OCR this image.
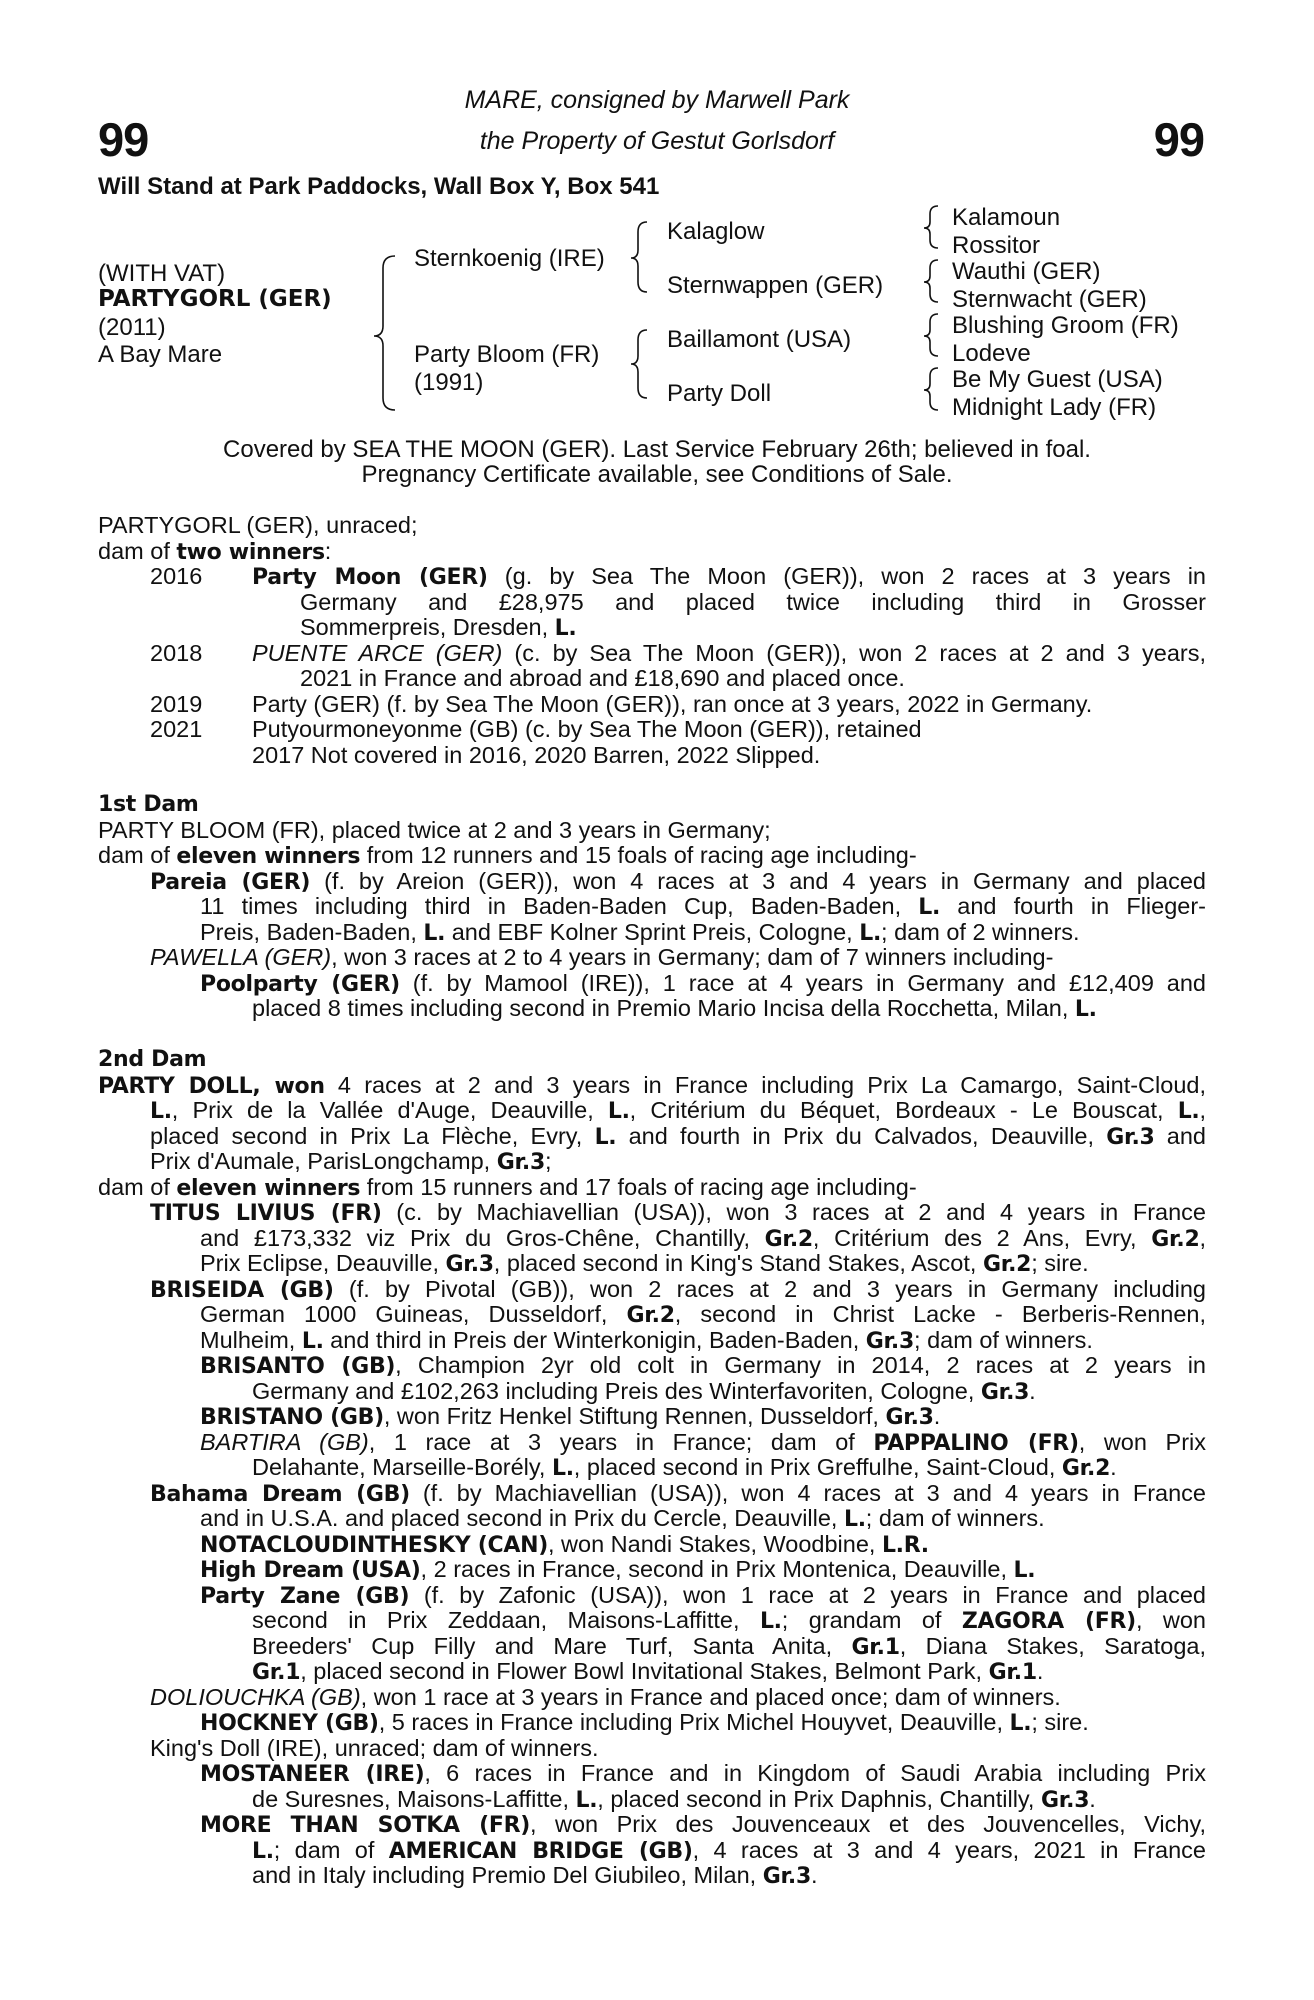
99	99
MARE, consigned by Marwell Park
the Property of Gestut Gorlsdorf
Will Stand at Park Paddocks, Wall Box Y, Box 541
(WITH VAT)
PARTYGORL (GER)
(2011)
A Bay Mare
Sternkoenig (IRE)
Party Bloom (FR)
(1991)
Kalaglow
Sternwappen (GER)
Baillamont (USA)
Party Doll
Kalamoun
Rossitor
Wauthi (GER)
Sternwacht (GER)
Blushing Groom (FR)
Lodeve
Be My Guest (USA)
Midnight Lady (FR)
Covered by SEA THE MOON (GER). Last Service February 26th; believed in foal.
Pregnancy Certificate available, see Conditions of Sale.
PARTYGORL (GER), unraced;
dam of two winners:
2016 Party Moon (GER) (g. by Sea The Moon (GER)), won 2 races at 3 years in
Germany and £28,975 and placed twice including third in Grosser
Sommerpreis, Dresden, L.
2018 PUENTE ARCE (GER) (c. by Sea The Moon (GER)), won 2 races at 2 and 3 years,
2021 in France and abroad and £18,690 and placed once.
2019 Party (GER) (f. by Sea The Moon (GER)), ran once at 3 years, 2022 in Germany.
2021 Putyourmoneyonme (GB) (c. by Sea The Moon (GER)), retained
2017 Not covered in 2016, 2020 Barren, 2022 Slipped.
1st Dam
PARTY BLOOM (FR), placed twice at 2 and 3 years in Germany;
dam of eleven winners from 12 runners and 15 foals of racing age including-
Pareia (GER) (f. by Areion (GER)), won 4 races at 3 and 4 years in Germany and placed
11 times including third in Baden-Baden Cup, Baden-Baden, L. and fourth in Flieger-
Preis, Baden-Baden, L. and EBF Kolner Sprint Preis, Cologne, L.; dam of 2 winners.
PAWELLA (GER), won 3 races at 2 to 4 years in Germany; dam of 7 winners including-
Poolparty (GER) (f. by Mamool (IRE)), 1 race at 4 years in Germany and £12,409 and
placed 8 times including second in Premio Mario Incisa della Rocchetta, Milan, L.
2nd Dam
PARTY DOLL, won 4 races at 2 and 3 years in France including Prix La Camargo, Saint-Cloud,
L., Prix de la Vallée d'Auge, Deauville, L., Critérium du Béquet, Bordeaux - Le Bouscat, L.,
placed second in Prix La Flèche, Evry, L. and fourth in Prix du Calvados, Deauville, Gr.3 and
Prix d'Aumale, ParisLongchamp, Gr.3;
dam of eleven winners from 15 runners and 17 foals of racing age including-
TITUS LIVIUS (FR) (c. by Machiavellian (USA)), won 3 races at 2 and 4 years in France
and £173,332 viz Prix du Gros-Chêne, Chantilly, Gr.2, Critérium des 2 Ans, Evry, Gr.2,
Prix Eclipse, Deauville, Gr.3, placed second in King's Stand Stakes, Ascot, Gr.2; sire.
BRISEIDA (GB) (f. by Pivotal (GB)), won 2 races at 2 and 3 years in Germany including
German 1000 Guineas, Dusseldorf, Gr.2, second in Christ Lacke - Berberis-Rennen,
Mulheim, L. and third in Preis der Winterkonigin, Baden-Baden, Gr.3; dam of winners.
BRISANTO (GB), Champion 2yr old colt in Germany in 2014, 2 races at 2 years in
Germany and £102,263 including Preis des Winterfavoriten, Cologne, Gr.3.
BRISTANO (GB), won Fritz Henkel Stiftung Rennen, Dusseldorf, Gr.3.
BARTIRA (GB), 1 race at 3 years in France; dam of PAPPALINO (FR), won Prix
Delahante, Marseille-Borély, L., placed second in Prix Greffulhe, Saint-Cloud, Gr.2.
Bahama Dream (GB) (f. by Machiavellian (USA)), won 4 races at 3 and 4 years in France
and in U.S.A. and placed second in Prix du Cercle, Deauville, L.; dam of winners.
NOTACLOUDINTHESKY (CAN), won Nandi Stakes, Woodbine, L.R.
High Dream (USA), 2 races in France, second in Prix Montenica, Deauville, L.
Party Zane (GB) (f. by Zafonic (USA)), won 1 race at 2 years in France and placed
second in Prix Zeddaan, Maisons-Laffitte, L.; grandam of ZAGORA (FR), won
Breeders' Cup Filly and Mare Turf, Santa Anita, Gr.1, Diana Stakes, Saratoga,
Gr.1, placed second in Flower Bowl Invitational Stakes, Belmont Park, Gr.1.
DOLIOUCHKA (GB), won 1 race at 3 years in France and placed once; dam of winners.
HOCKNEY (GB), 5 races in France including Prix Michel Houyvet, Deauville, L.; sire.
King's Doll (IRE), unraced; dam of winners.
MOSTANEER (IRE), 6 races in France and in Kingdom of Saudi Arabia including Prix
de Suresnes, Maisons-Laffitte, L., placed second in Prix Daphnis, Chantilly, Gr.3.
MORE THAN SOTKA (FR), won Prix des Jouvenceaux et des Jouvencelles, Vichy,
L.; dam of AMERICAN BRIDGE (GB), 4 races at 3 and 4 years, 2021 in France
and in Italy including Premio Del Giubileo, Milan, Gr.3.
